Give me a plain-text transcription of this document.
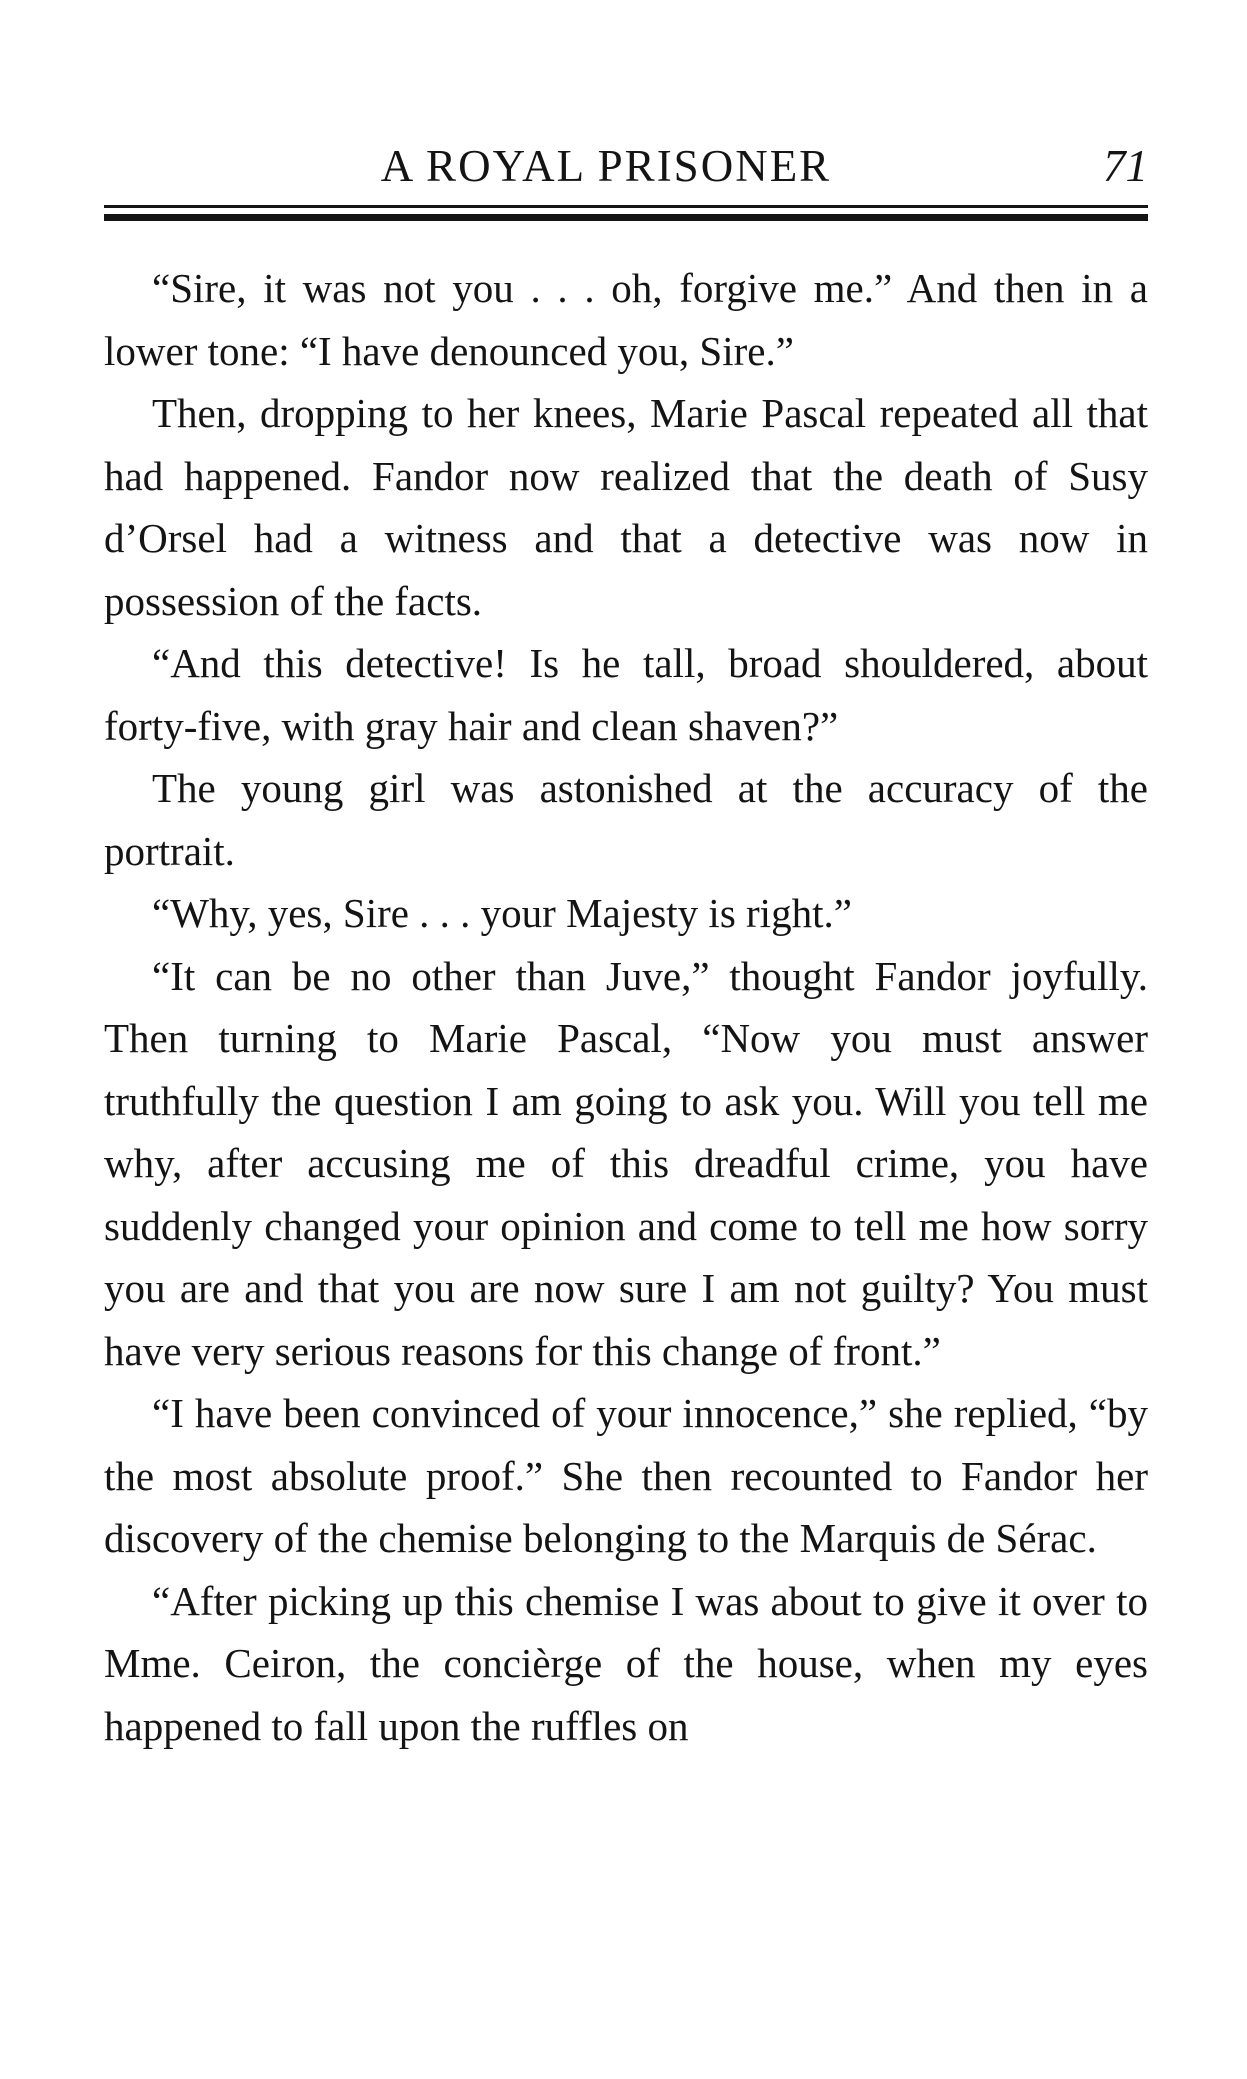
A ROYAL PRISONER	71

“Sire, it was not you . . . oh, forgive me.” And then in a lower tone: “I have denounced you, Sire.”

Then, dropping to her knees, Marie Pascal repeated all that had happened. Fandor now realized that the death of Susy d’Orsel had a witness and that a detective was now in possession of the facts.

“And this detective! Is he tall, broad shouldered, about forty-five, with gray hair and clean shaven?”

The young girl was astonished at the accuracy of the portrait.

“Why, yes, Sire . . . your Majesty is right.”

“It can be no other than Juve,” thought Fandor joyfully. Then turning to Marie Pascal, “Now you must answer truthfully the question I am going to ask you. Will you tell me why, after accusing me of this dreadful crime, you have suddenly changed your opinion and come to tell me how sorry you are and that you are now sure I am not guilty? You must have very serious reasons for this change of front.”

“I have been convinced of your innocence,” she replied, “by the most absolute proof.” She then recounted to Fandor her discovery of the chemise belonging to the Marquis de Sérac.

“After picking up this chemise I was about to give it over to Mme. Ceiron, the concièrge of the house, when my eyes happened to fall upon the ruffles on
